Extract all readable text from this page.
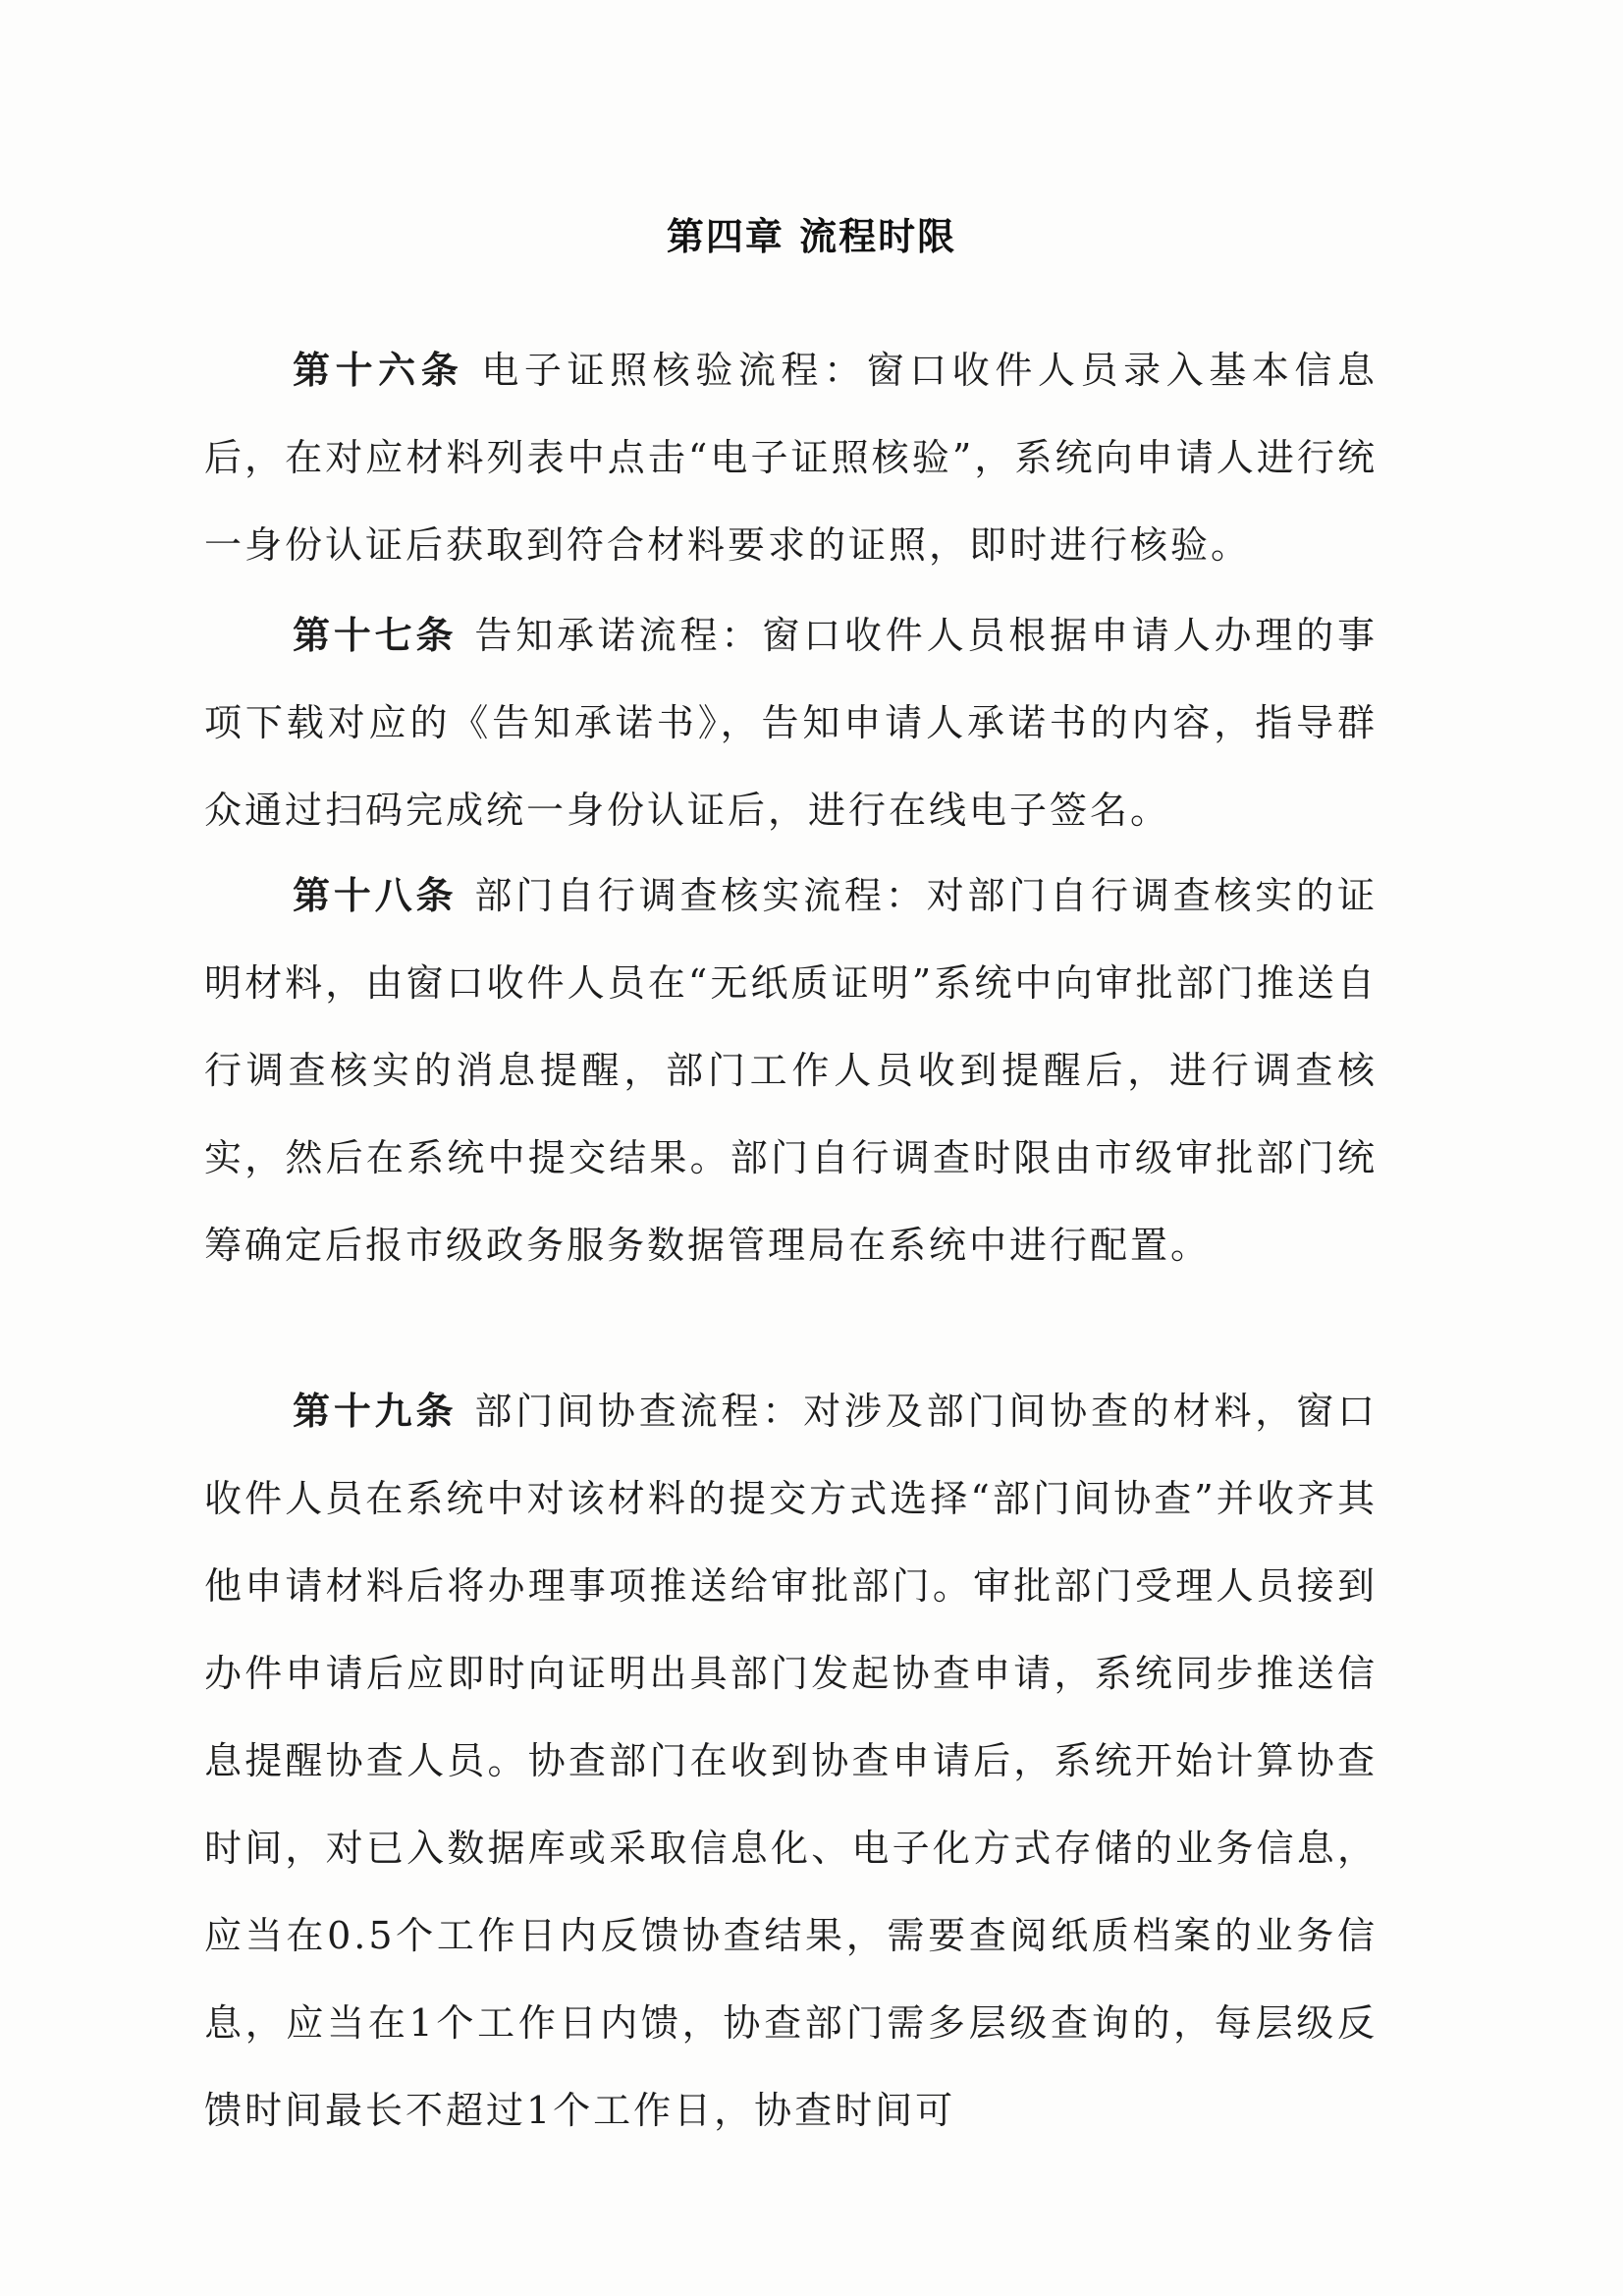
第四章 流程时限

第十六条 电子证照核验流程：窗口收件人员录入基本信息后，在对应材料列表中点击“电子证照核验”，系统向申请人进行统一身份认证后获取到符合材料要求的证照，即时进行核验。

第十七条 告知承诺流程：窗口收件人员根据申请人办理的事项下载对应的《告知承诺书》，告知申请人承诺书的内容，指导群众通过扫码完成统一身份认证后，进行在线电子签名。

第十八条 部门自行调查核实流程：对部门自行调查核实的证明材料，由窗口收件人员在“无纸质证明”系统中向审批部门推送自行调查核实的消息提醒，部门工作人员收到提醒后，进行调查核实，然后在系统中提交结果。部门自行调查时限由市级审批部门统筹确定后报市级政务服务数据管理局在系统中进行配置。

第十九条 部门间协查流程：对涉及部门间协查的材料，窗口收件人员在系统中对该材料的提交方式选择“部门间协查”并收齐其他申请材料后将办理事项推送给审批部门。审批部门受理人员接到办件申请后应即时向证明出具部门发起协查申请，系统同步推送信息提醒协查人员。协查部门在收到协查申请后，系统开始计算协查时间，对已入数据库或采取信息化、电子化方式存储的业务信息，应当在0.5个工作日内反馈协查结果，需要查阅纸质档案的业务信息，应当在1个工作日内馈，协查部门需多层级查询的，每层级反馈时间最长不超过1个工作日，协查时间可
